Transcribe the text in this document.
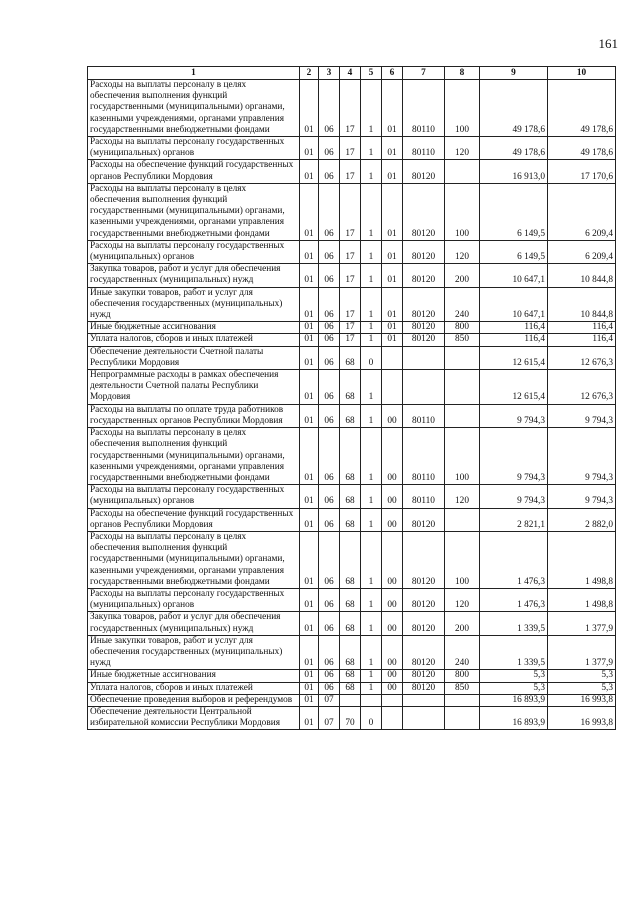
161
1	2	3	4	5	6	7	8	9	10
Расходы на выплаты персоналу в целях обеспечения выполнения функций государственными (муниципальными) органами, казенными учреждениями, органами управления государственными внебюджетными фондами	01	06	17	1	01	80110	100	49 178,6	49 178,6
Расходы на выплаты персоналу государственных (муниципальных) органов	01	06	17	1	01	80110	120	49 178,6	49 178,6
Расходы на обеспечение функций государственных органов Республики Мордовия	01	06	17	1	01	80120		16 913,0	17 170,6
Расходы на выплаты персоналу в целях обеспечения выполнения функций государственными (муниципальными) органами, казенными учреждениями, органами управления государственными внебюджетными фондами	01	06	17	1	01	80120	100	6 149,5	6 209,4
Расходы на выплаты персоналу государственных (муниципальных) органов	01	06	17	1	01	80120	120	6 149,5	6 209,4
Закупка товаров, работ и услуг для обеспечения государственных (муниципальных) нужд	01	06	17	1	01	80120	200	10 647,1	10 844,8
Иные закупки товаров, работ и услуг для обеспечения государственных (муниципальных) нужд	01	06	17	1	01	80120	240	10 647,1	10 844,8
Иные бюджетные ассигнования	01	06	17	1	01	80120	800	116,4	116,4
Уплата налогов, сборов и иных платежей	01	06	17	1	01	80120	850	116,4	116,4
Обеспечение деятельности Счетной палаты Республики Мордовия	01	06	68	0				12 615,4	12 676,3
Непрограммные расходы в рамках обеспечения деятельности Счетной палаты Республики Мордовия	01	06	68	1				12 615,4	12 676,3
Расходы на выплаты по оплате труда работников государственных органов Республики Мордовия	01	06	68	1	00	80110		9 794,3	9 794,3
Расходы на выплаты персоналу в целях обеспечения выполнения функций государственными (муниципальными) органами, казенными учреждениями, органами управления государственными внебюджетными фондами	01	06	68	1	00	80110	100	9 794,3	9 794,3
Расходы на выплаты персоналу государственных (муниципальных) органов	01	06	68	1	00	80110	120	9 794,3	9 794,3
Расходы на обеспечение функций государственных органов Республики Мордовия	01	06	68	1	00	80120		2 821,1	2 882,0
Расходы на выплаты персоналу в целях обеспечения выполнения функций государственными (муниципальными) органами, казенными учреждениями, органами управления государственными внебюджетными фондами	01	06	68	1	00	80120	100	1 476,3	1 498,8
Расходы на выплаты персоналу государственных (муниципальных) органов	01	06	68	1	00	80120	120	1 476,3	1 498,8
Закупка товаров, работ и услуг для обеспечения государственных (муниципальных) нужд	01	06	68	1	00	80120	200	1 339,5	1 377,9
Иные закупки товаров, работ и услуг для обеспечения государственных (муниципальных) нужд	01	06	68	1	00	80120	240	1 339,5	1 377,9
Иные бюджетные ассигнования	01	06	68	1	00	80120	800	5,3	5,3
Уплата налогов, сборов и иных платежей	01	06	68	1	00	80120	850	5,3	5,3
Обеспечение проведения выборов и референдумов	01	07						16 893,9	16 993,8
Обеспечение деятельности Центральной избирательной комиссии Республики Мордовия	01	07	70	0				16 893,9	16 993,8
